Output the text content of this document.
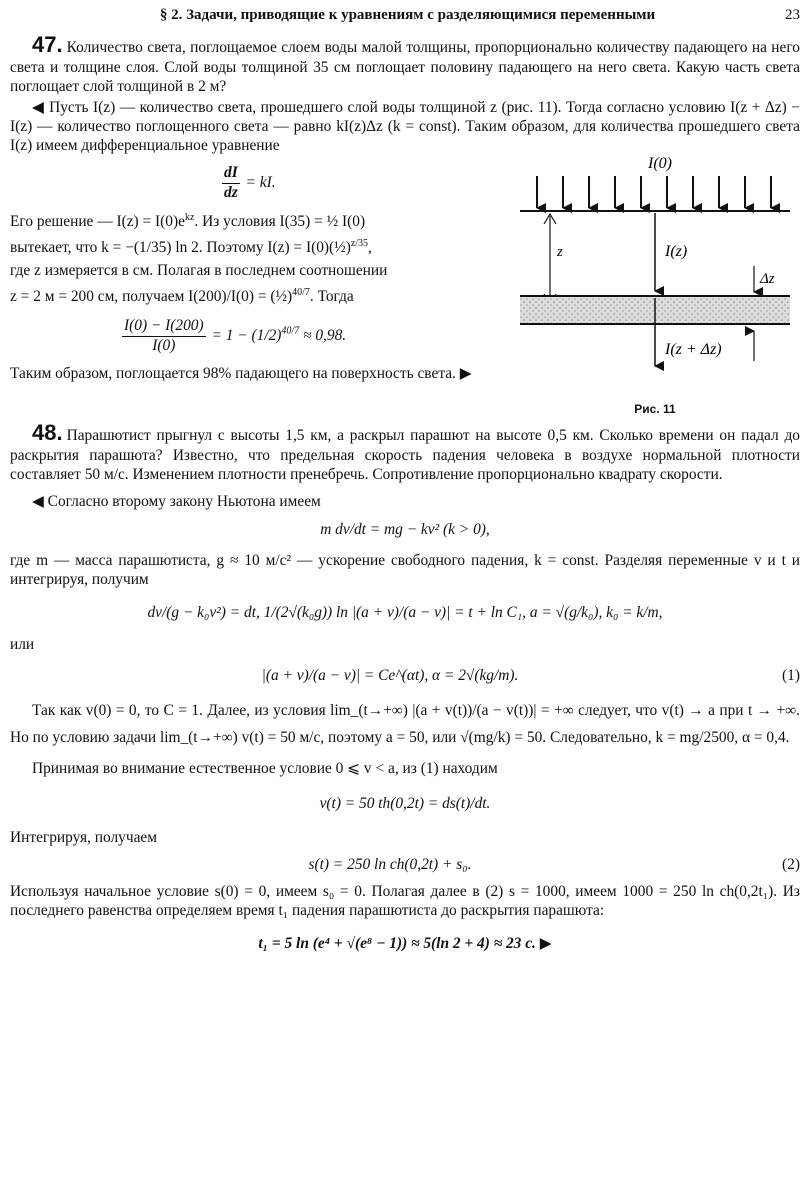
§ 2. Задачи, приводящие к уравнениям с разделяющимися переменными	23

47. Количество света, поглощаемое слоем воды малой толщины, пропорционально количеству падающего на него света и толщине слоя. Слой воды толщиной 35 см поглощает половину падающего на него света. Какую часть света поглощает слой толщиной в 2 м?

◀ Пусть I(z) — количество света, прошедшего слой воды толщиной z (рис. 11). Тогда согласно условию I(z + Δz) − I(z) — количество поглощенного света — равно kI(z)Δz (k = const). Таким образом, для количества прошедшего света I(z) имеем дифференциальное уравнение

$\frac{dI}{dz}$ = kI.

Его решение — $I(z) = I(0)e^{kz}$. Из условия I(35) = ½ I(0)

вытекает, что k = −(1/35) ln 2. Поэтому I(z) = I(0)(½)$^{z/35}$,

где z измеряется в см. Полагая в последнем соотношении

z = 2 м = 200 см, получаем I(200)/I(0) = (½)$^{40/7}$. Тогда

$\frac{I(0) - I(200)}{I(0)} = 1 - (1/2)^{40/7} \approx 0,98$.

Таким образом, поглощается 98% падающего на поверхность света. ▶

I(0)
z	I(z)
Δz
I(z + Δz)
Рис. 11

48. Парашютист прыгнул с высоты 1,5 км, а раскрыл парашют на высоте 0,5 км. Сколько времени он падал до раскрытия парашюта? Известно, что предельная скорость падения человека в воздухе нормальной плотности составляет 50 м/с. Изменением плотности пренебречь. Сопротивление пропорционально квадрату скорости.

◀ Согласно второму закону Ньютона имеем

m dv/dt = mg − kv² (k > 0),

где m — масса парашютиста, g ≈ 10 м/с² — ускорение свободного падения, k = const. Разделяя переменные v и t и интегрируя, получим

dv/(g − k₀v²) = dt, 1/(2√(k₀g)) ln |(a + v)/(a − v)| = t + ln C₁, a = √(g/k₀), k₀ = k/m,

или

|(a + v)/(a − v)| = Ce^(αt), α = 2√(kg/m).	(1)

Так как v(0) = 0, то C = 1. Далее, из условия lim_(t→+∞) |(a + v(t))/(a − v(t))| = +∞ следует, что v(t) → a при t → +∞. Но по условию задачи lim_(t→+∞) v(t) = 50 м/с, поэтому a = 50, или √(mg/k) = 50. Следовательно, k = mg/2500, α = 0,4.

Принимая во внимание естественное условие 0 ⩽ v < a, из (1) находим

v(t) = 50 th(0,2t) = ds(t)/dt.

Интегрируя, получаем

s(t) = 250 ln ch(0,2t) + s₀.	(2)

Используя начальное условие s(0) = 0, имеем s₀ = 0. Полагая далее в (2) s = 1000, имеем 1000 = 250 ln ch(0,2t₁). Из последнего равенства определяем время t₁ падения парашютиста до раскрытия парашюта:

t₁ = 5 ln (e⁴ + √(e⁸ − 1)) ≈ 5(ln 2 + 4) ≈ 23 с. ▶
